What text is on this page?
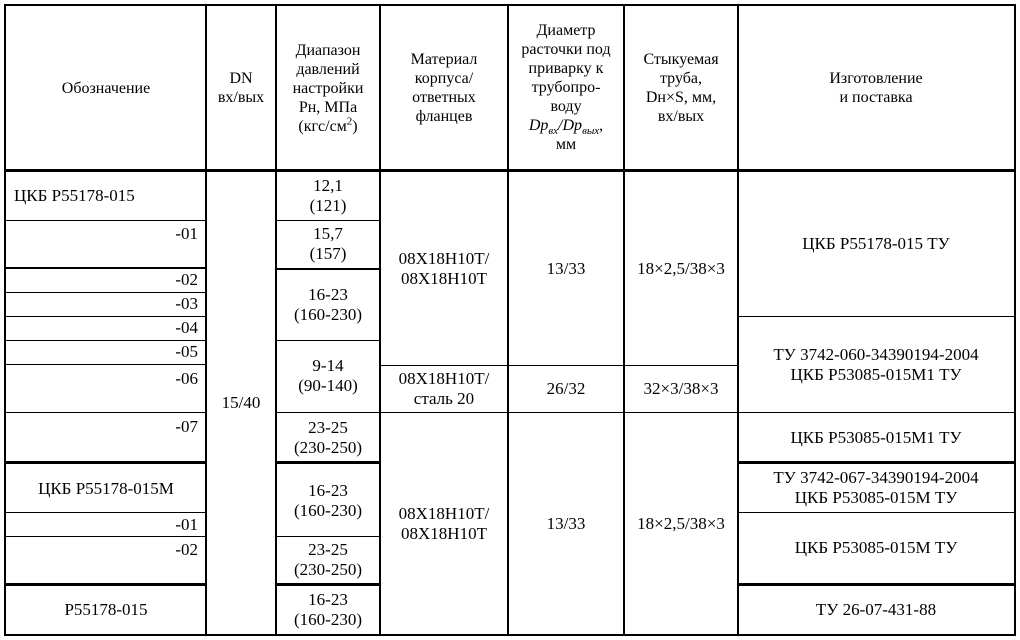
Обозначение
DN
вх/вых
Диапазон
давлений
настройки
Рн, МПа
$(кгс/см^2)$
Материал
корпуса/
ответных
фланцев
Диаметр
расточки под
приварку к
трубопро-
воду
$Dp_{вх}/Dp_{вых}$,
мм
Стыкуемая
труба,
Dн×S, мм,
вх/вых
Изготовление
и поставка
ЦКБ Р55178-015
-01
-02
-03
-04
-05
-06
-07
ЦКБ Р55178-015М
-01
-02
Р55178-015
15/40
12,1
(121)
15,7
(157)
16-23
(160-230)
9-14
(90-140)
23-25
(230-250)
16-23
(160-230)
23-25
(230-250)
16-23
(160-230)
08Х18Н10Т/
08Х18Н10Т
08Х18Н10Т/
сталь 20
08Х18Н10Т/
08Х18Н10Т
13/33
26/32
13/33
18×2,5/38×3
32×3/38×3
18×2,5/38×3
ЦКБ Р55178-015 ТУ
ТУ 3742-060-34390194-2004
ЦКБ Р53085-015М1 ТУ
ЦКБ Р53085-015М1 ТУ
ТУ 3742-067-34390194-2004
ЦКБ Р53085-015М ТУ
ЦКБ Р53085-015М ТУ
ТУ 26-07-431-88
